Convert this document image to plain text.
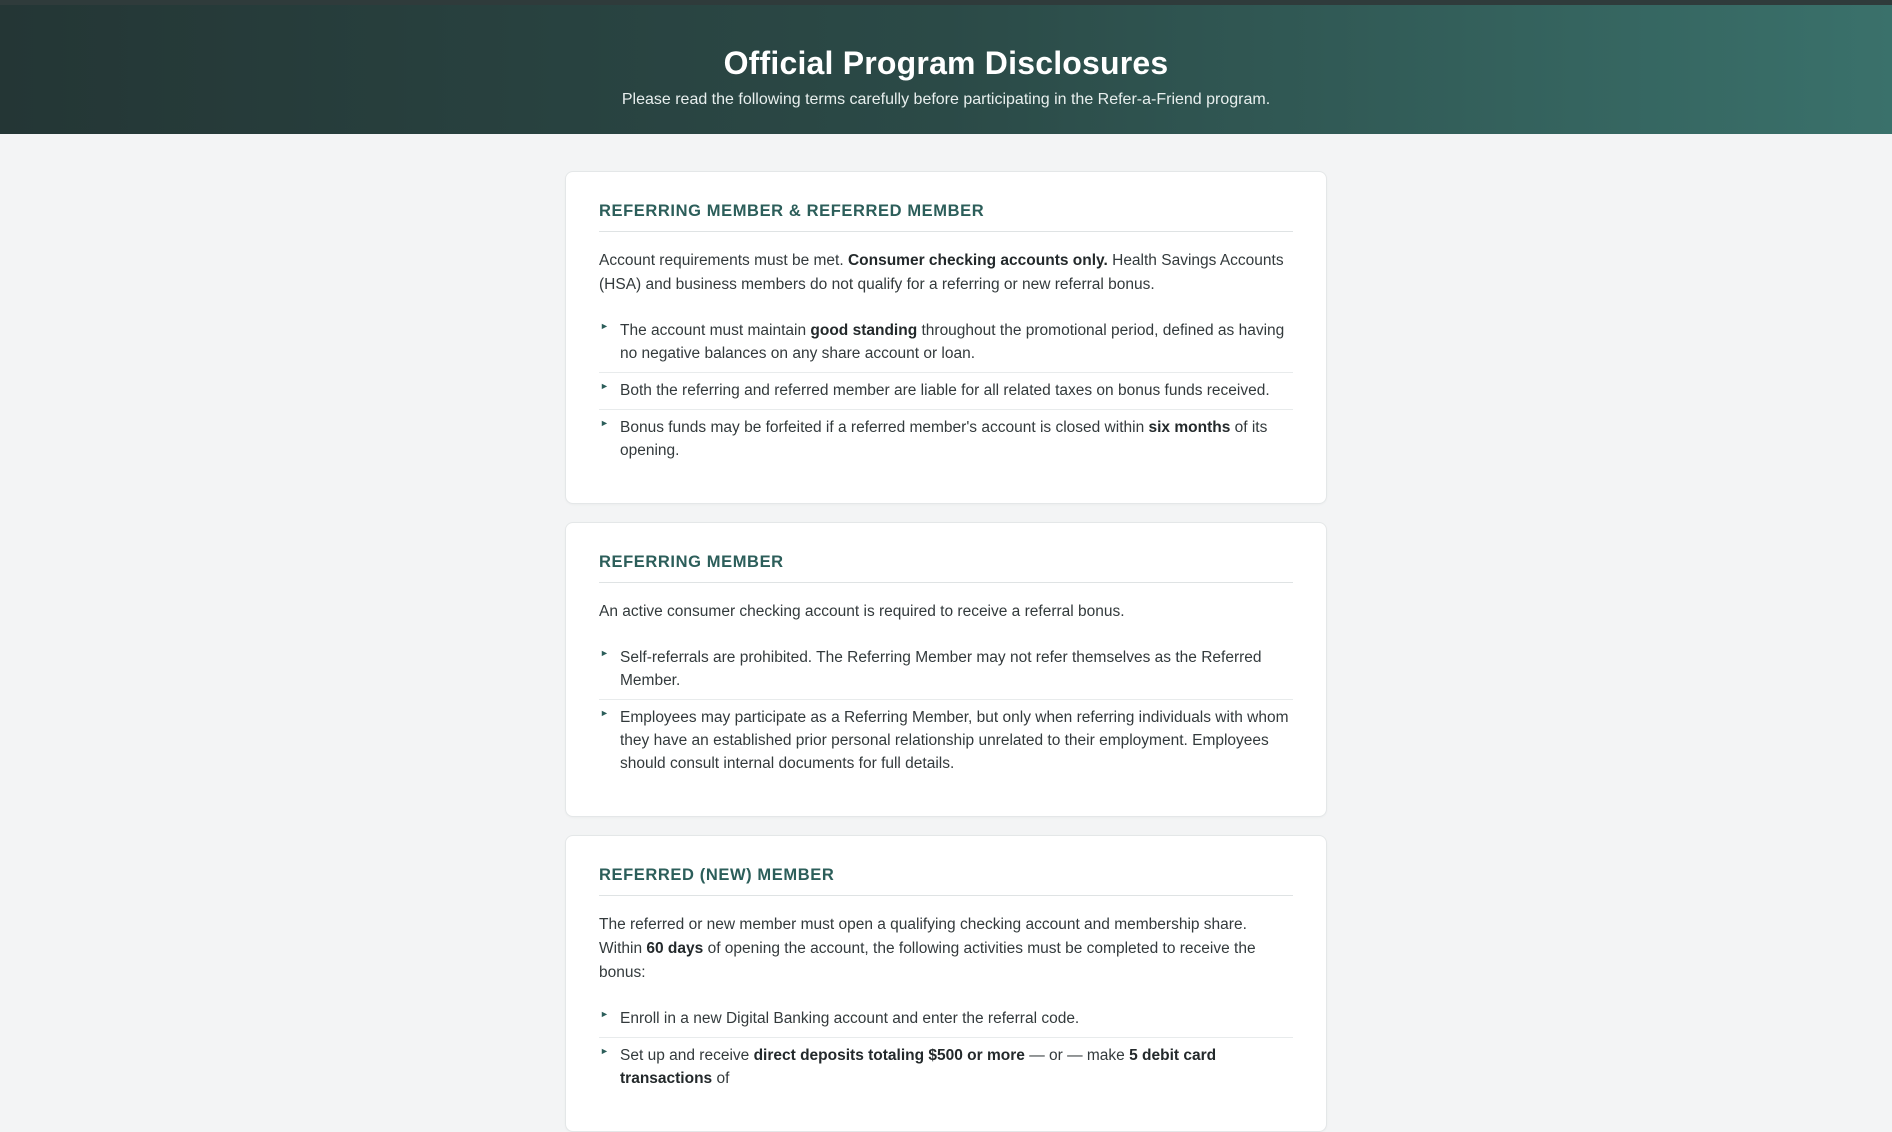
Official Program Disclosures

Please read the following terms carefully before participating in the Refer-a-Friend program.

REFERRING MEMBER & REFERRED MEMBER

Account requirements must be met. Consumer checking accounts only. Health Savings Accounts (HSA) and business members do not qualify for a referring or new referral bonus.

► The account must maintain good standing throughout the promotional period, defined as having no negative balances on any share account or loan.
► Both the referring and referred member are liable for all related taxes on bonus funds received.
► Bonus funds may be forfeited if a referred member's account is closed within six months of its opening.
REFERRING MEMBER

An active consumer checking account is required to receive a referral bonus.

► Self-referrals are prohibited. The Referring Member may not refer themselves as the Referred Member.
► Employees may participate as a Referring Member, but only when referring individuals with whom they have an established prior personal relationship unrelated to their employment. Employees should consult internal documents for full details.
REFERRED (NEW) MEMBER

The referred or new member must open a qualifying checking account and membership share. Within 60 days of opening the account, the following activities must be completed to receive the bonus:

► Enroll in a new Digital Banking account and enter the referral code.
► Set up and receive direct deposits totaling $500 or more — or — make 5 debit card transactions of
